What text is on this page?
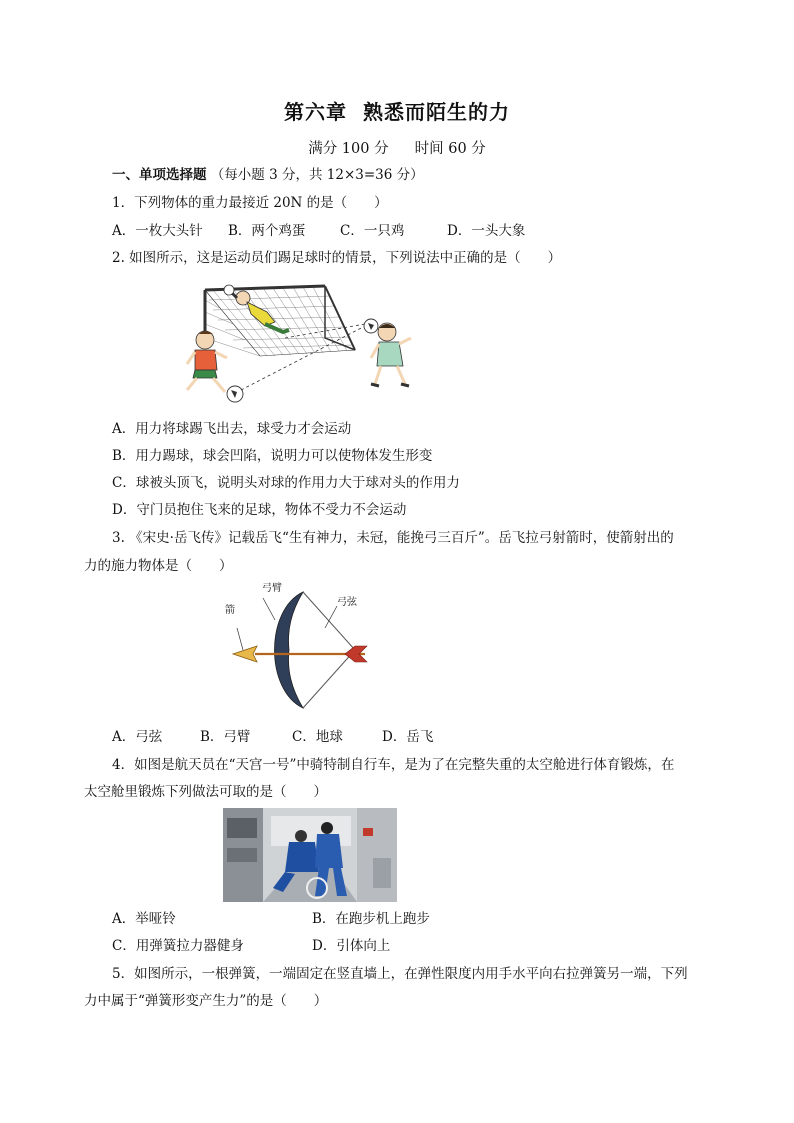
第六章 熟悉而陌生的力
满分 100 分 时间 60 分
一、单项选择题 （每小题 3 分，共 12×3=36 分）
1．下列物体的重力最接近 20N 的是（　　）
A．一枚大头针 B．两个鸡蛋	C．一只鸡	D．一头大象
2. 如图所示，这是运动员们踢足球时的情景，下列说法中正确的是（　　）
A．用力将球踢飞出去，球受力才会运动
B．用力踢球，球会凹陷，说明力可以使物体发生形变
C．球被头顶飞，说明头对球的作用力大于球对头的作用力
D．守门员抱住飞来的足球，物体不受力不会运动
3. 《宋史·岳飞传》记载岳飞“生有神力，未冠，能挽弓三百斤”。岳飞拉弓射箭时，使箭射出的
力的施力物体是（　　）
箭
弓臂
弓弦
A．弓弦	B．弓臂	C．地球	D．岳飞
4．如图是航天员在“天宫一号”中骑特制自行车，是为了在完整失重的太空舱进行体育锻炼，在
太空舱里锻炼下列做法可取的是（　　）
A．举哑铃	B．在跑步机上跑步
C．用弹簧拉力器健身	D．引体向上
5．如图所示，一根弹簧，一端固定在竖直墙上，在弹性限度内用手水平向右拉弹簧另一端，下列
力中属于“弹簧形变产生力”的是（　　）
